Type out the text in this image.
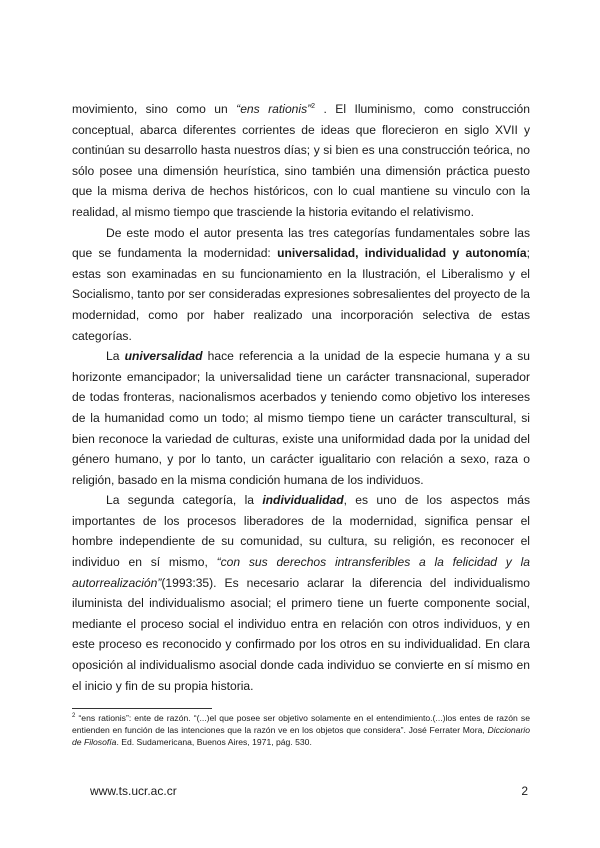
movimiento, sino como un “ens rationis”$^2$ . El Iluminismo, como construcción conceptual, abarca diferentes corrientes de ideas que florecieron en siglo XVII y continúan su desarrollo hasta nuestros días; y si bien es una construcción teórica, no sólo posee una dimensión heurística, sino también una dimensión práctica puesto que la misma deriva de hechos históricos, con lo cual mantiene su vinculo con la realidad, al mismo tiempo que trasciende la historia evitando el relativismo.

De este modo el autor presenta las tres categorías fundamentales sobre las que se fundamenta la modernidad: universalidad, individualidad y autonomía; estas son examinadas en su funcionamiento en la Ilustración, el Liberalismo y el Socialismo, tanto por ser consideradas expresiones sobresalientes del proyecto de la modernidad, como por haber realizado una incorporación selectiva de estas categorías.

La universalidad hace referencia a la unidad de la especie humana y a su horizonte emancipador; la universalidad tiene un carácter transnacional, superador de todas fronteras, nacionalismos acerbados y teniendo como objetivo los intereses de la humanidad como un todo; al mismo tiempo tiene un carácter transcultural, si bien reconoce la variedad de culturas, existe una uniformidad dada por la unidad del género humano, y por lo tanto, un carácter igualitario con relación a sexo, raza o religión, basado en la misma condición humana de los individuos.

La segunda categoría, la individualidad, es uno de los aspectos más importantes de los procesos liberadores de la modernidad, significa pensar el hombre independiente de su comunidad, su cultura, su religión, es reconocer el individuo en sí mismo, “con sus derechos intransferibles a la felicidad y la autorrealización”(1993:35). Es necesario aclarar la diferencia del individualismo iluminista del individualismo asocial; el primero tiene un fuerte componente social, mediante el proceso social el individuo entra en relación con otros individuos, y en este proceso es reconocido y confirmado por los otros en su individualidad. En clara oposición al individualismo asocial donde cada individuo se convierte en sí mismo en el inicio y fin de su propia historia.

$^2$ “ens rationis”: ente de razón. “(...)el que posee ser objetivo solamente en el entendimiento.(...)los entes de razón se entienden en función de las intenciones que la razón ve en los objetos que considera”. José Ferrater Mora, Diccionario de Filosofía. Ed. Sudamericana, Buenos Aires, 1971, pág. 530.

www.ts.ucr.ac.cr	2
